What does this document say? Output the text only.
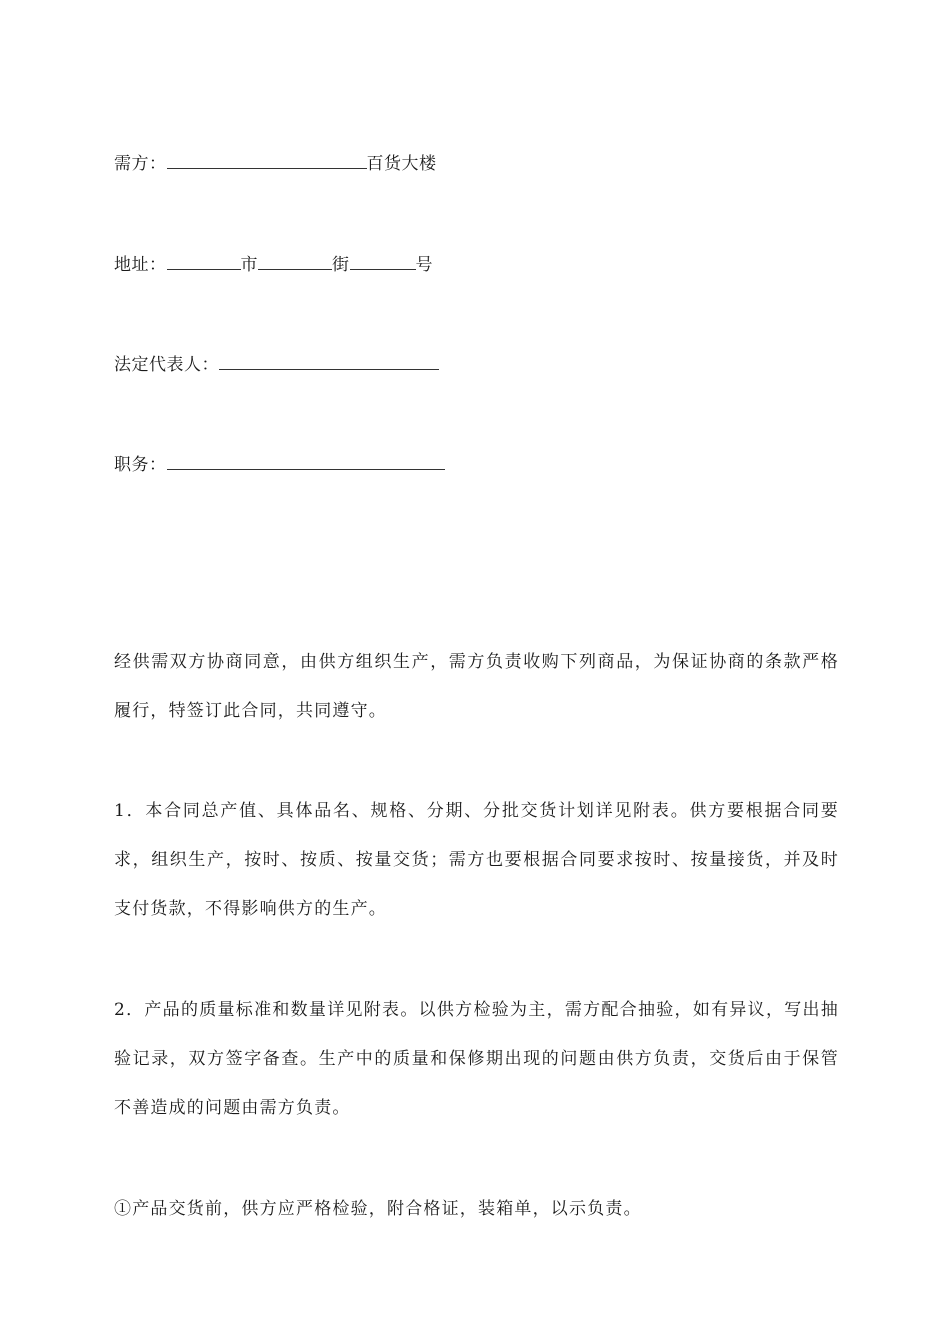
需方：	百货大楼
地址：	市	街	号
法定代表人：
职务：

经供需双方协商同意，由供方组织生产，需方负责收购下列商品，为保证协商的条款严格履行，特签订此合同，共同遵守。

1．本合同总产值、具体品名、规格、分期、分批交货计划详见附表。供方要根据合同要求，组织生产，按时、按质、按量交货；需方也要根据合同要求按时、按量接货，并及时支付货款，不得影响供方的生产。

2．产品的质量标准和数量详见附表。以供方检验为主，需方配合抽验，如有异议，写出抽验记录，双方签字备查。生产中的质量和保修期出现的问题由供方负责，交货后由于保管不善造成的问题由需方负责。

①产品交货前，供方应严格检验，附合格证，装箱单，以示负责。
